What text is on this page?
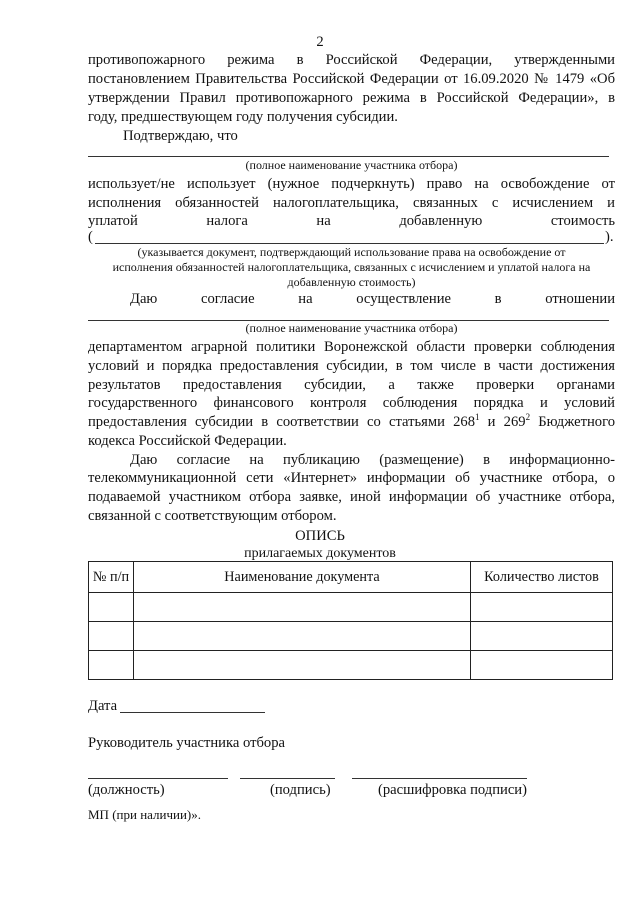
2
противопожарного режима в Российской Федерации, утвержденными
постановлением Правительства Российской Федерации от 16.09.2020 № 1479 «Об
утверждении Правил противопожарного режима в Российской Федерации», в
году, предшествующем году получения субсидии.
Подтверждаю, что
(полное наименование участника отбора)
использует/не использует (нужное подчеркнуть) право на освобождение от
исполнения обязанностей налогоплательщика, связанных с исчислением и
уплатой налога на добавленную стоимость
(	).
(указывается документ, подтверждающий использование права на освобождение от
исполнения обязанностей налогоплательщика, связанных с исчислением и уплатой налога на
добавленную стоимость)
Даю согласие на осуществление в отношении
(полное наименование участника отбора)
департаментом аграрной политики Воронежской области проверки соблюдения
условий и порядка предоставления субсидии, в том числе в части достижения
результатов предоставления субсидии, а также проверки органами
государственного финансового контроля соблюдения порядка и условий
предоставления субсидии в соответствии со статьями $268^1$ и $269^2$ Бюджетного
кодекса Российской Федерации.
Даю согласие на публикацию (размещение) в информационно-
телекоммуникационной сети «Интернет» информации об участнике отбора, о
подаваемой участником отбора заявке, иной информации об участнике отбора,
связанной с соответствующим отбором.
ОПИСЬ
прилагаемых документов
№ п/п	Наименование документа	Количество листов

Дата
Руководитель участника отбора
(должность)	(подпись)	(расшифровка подписи)
МП (при наличии)».
